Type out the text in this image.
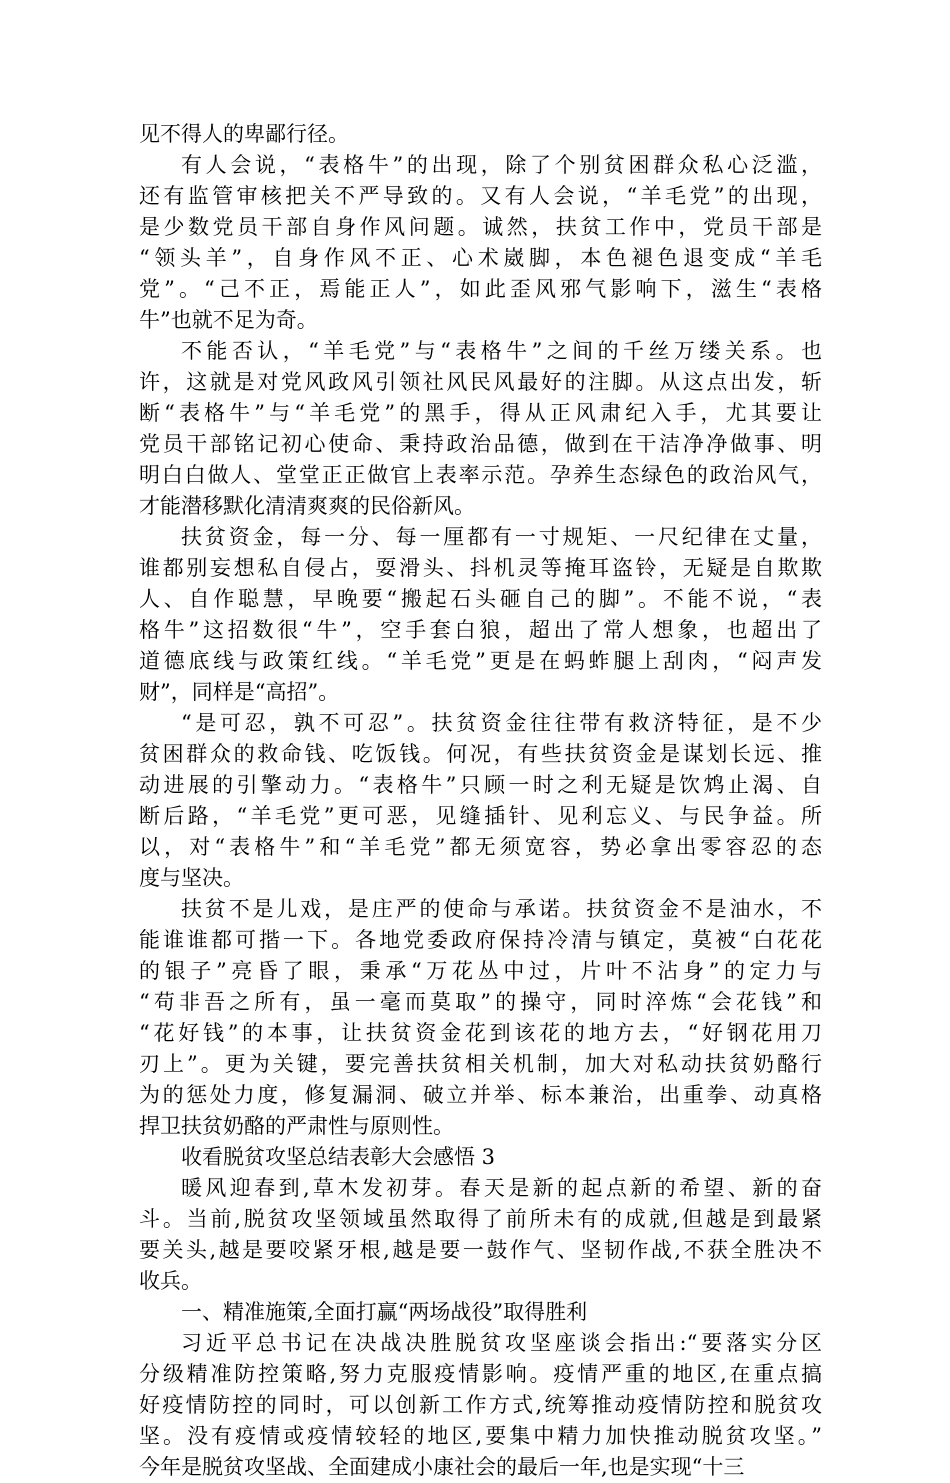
见不得人的卑鄙行径。
有人会说，“表格牛”的出现，除了个别贫困群众私心泛滥，
还有监管审核把关不严导致的。又有人会说，“羊毛党”的出现，
是少数党员干部自身作风问题。诚然，扶贫工作中，党员干部是
“领头羊”，自身作风不正、心术崴脚，本色褪色退变成“羊毛
党”。“己不正，焉能正人”，如此歪风邪气影响下，滋生“表格
牛”也就不足为奇。
不能否认，“羊毛党”与“表格牛”之间的千丝万缕关系。也
许，这就是对党风政风引领社风民风最好的注脚。从这点出发，斩
断“表格牛”与“羊毛党”的黑手，得从正风肃纪入手，尤其要让
党员干部铭记初心使命、秉持政治品德，做到在干洁净净做事、明
明白白做人、堂堂正正做官上表率示范。孕养生态绿色的政治风气，
才能潜移默化清清爽爽的民俗新风。
扶贫资金，每一分、每一厘都有一寸规矩、一尺纪律在丈量，
谁都别妄想私自侵占，耍滑头、抖机灵等掩耳盗铃，无疑是自欺欺
人、自作聪慧，早晚要“搬起石头砸自己的脚”。不能不说，“表
格牛”这招数很“牛”，空手套白狼，超出了常人想象，也超出了
道德底线与政策红线。“羊毛党”更是在蚂蚱腿上刮肉，“闷声发
财”，同样是“高招”。
“是可忍，孰不可忍”。扶贫资金往往带有救济特征，是不少
贫困群众的救命钱、吃饭钱。何况，有些扶贫资金是谋划长远、推
动进展的引擎动力。“表格牛”只顾一时之利无疑是饮鸩止渴、自
断后路，“羊毛党”更可恶，见缝插针、见利忘义、与民争益。所
以，对“表格牛”和“羊毛党”都无须宽容，势必拿出零容忍的态
度与坚决。
扶贫不是儿戏，是庄严的使命与承诺。扶贫资金不是油水，不
能谁谁都可揩一下。各地党委政府保持冷清与镇定，莫被“白花花
的银子”亮昏了眼，秉承“万花丛中过，片叶不沾身”的定力与
“苟非吾之所有，虽一毫而莫取”的操守，同时淬炼“会花钱”和
“花好钱”的本事，让扶贫资金花到该花的地方去，“好钢花用刀
刃上”。更为关键，要完善扶贫相关机制，加大对私动扶贫奶酪行
为的惩处力度，修复漏洞、破立并举、标本兼治，出重拳、动真格
捍卫扶贫奶酪的严肃性与原则性。
收看脱贫攻坚总结表彰大会感悟 3
暖风迎春到,草木发初芽。春天是新的起点新的希望、新的奋
斗。当前,脱贫攻坚领域虽然取得了前所未有的成就,但越是到最紧
要关头,越是要咬紧牙根,越是要一鼓作气、坚韧作战,不获全胜决不
收兵。
一、精准施策,全面打赢“两场战役”取得胜利
习近平总书记在决战决胜脱贫攻坚座谈会指出:“要落实分区
分级精准防控策略,努力克服疫情影响。疫情严重的地区,在重点搞
好疫情防控的同时，可以创新工作方式,统筹推动疫情防控和脱贫攻
坚。没有疫情或疫情较轻的地区,要集中精力加快推动脱贫攻坚。”
今年是脱贫攻坚战、全面建成小康社会的最后一年,也是实现“十三
